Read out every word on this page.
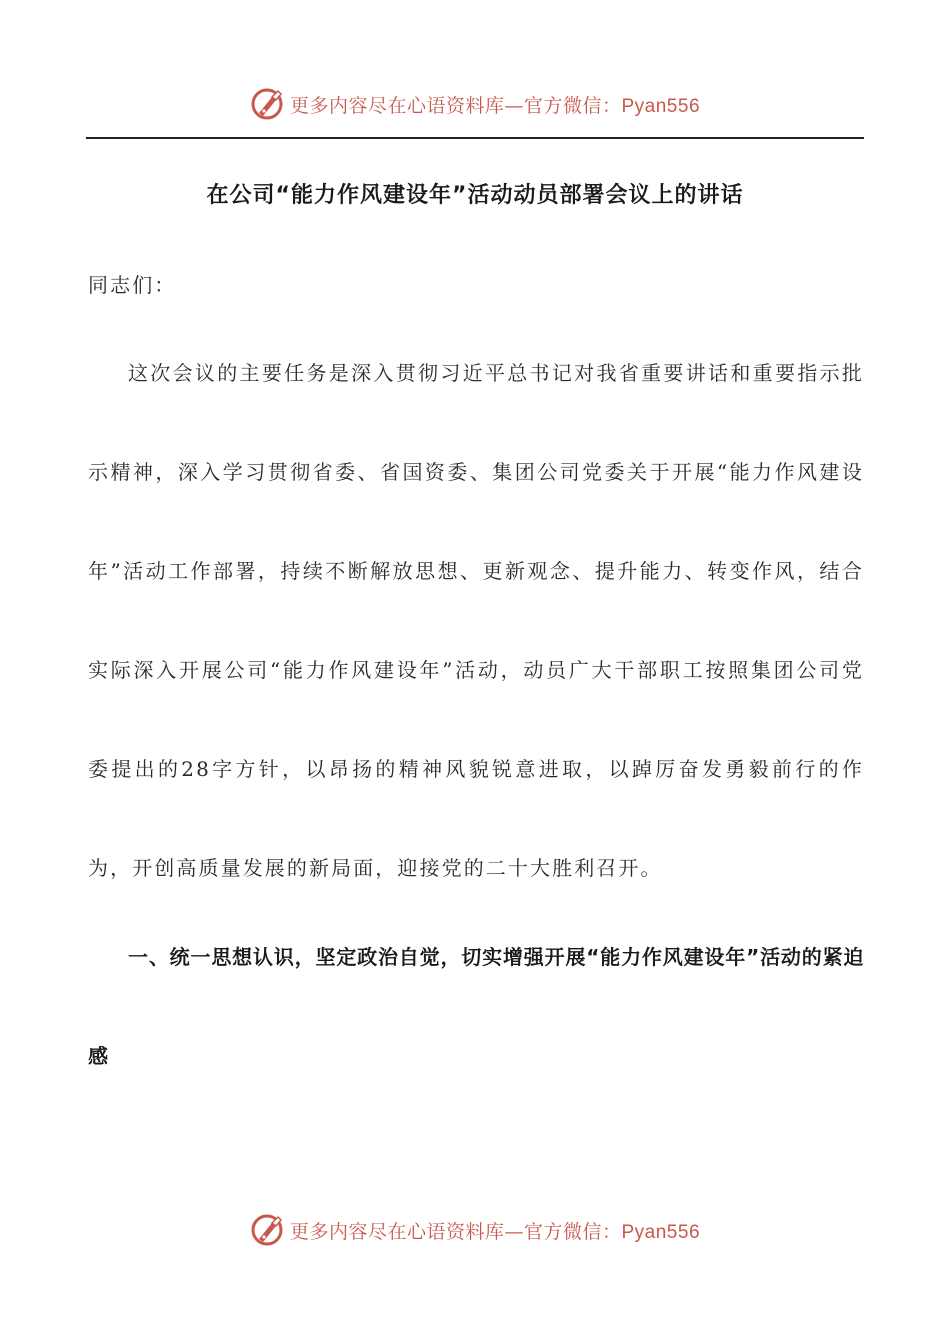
更多内容尽在心语资料库—官方微信：Pyan556
在公司“能力作风建设年”活动动员部署会议上的讲话

同志们：

这次会议的主要任务是深入贯彻习近平总书记对我省重要讲话和重要指示批示精神，深入学习贯彻省委、省国资委、集团公司党委关于开展“能力作风建设年”活动工作部署，持续不断解放思想、更新观念、提升能力、转变作风，结合实际深入开展公司“能力作风建设年”活动，动员广大干部职工按照集团公司党委提出的28字方针，以昂扬的精神风貌锐意进取，以踔厉奋发勇毅前行的作为，开创高质量发展的新局面，迎接党的二十大胜利召开。

一、统一思想认识，坚定政治自觉，切实增强开展“能力作风建设年”活动的紧迫感

更多内容尽在心语资料库—官方微信：Pyan556
